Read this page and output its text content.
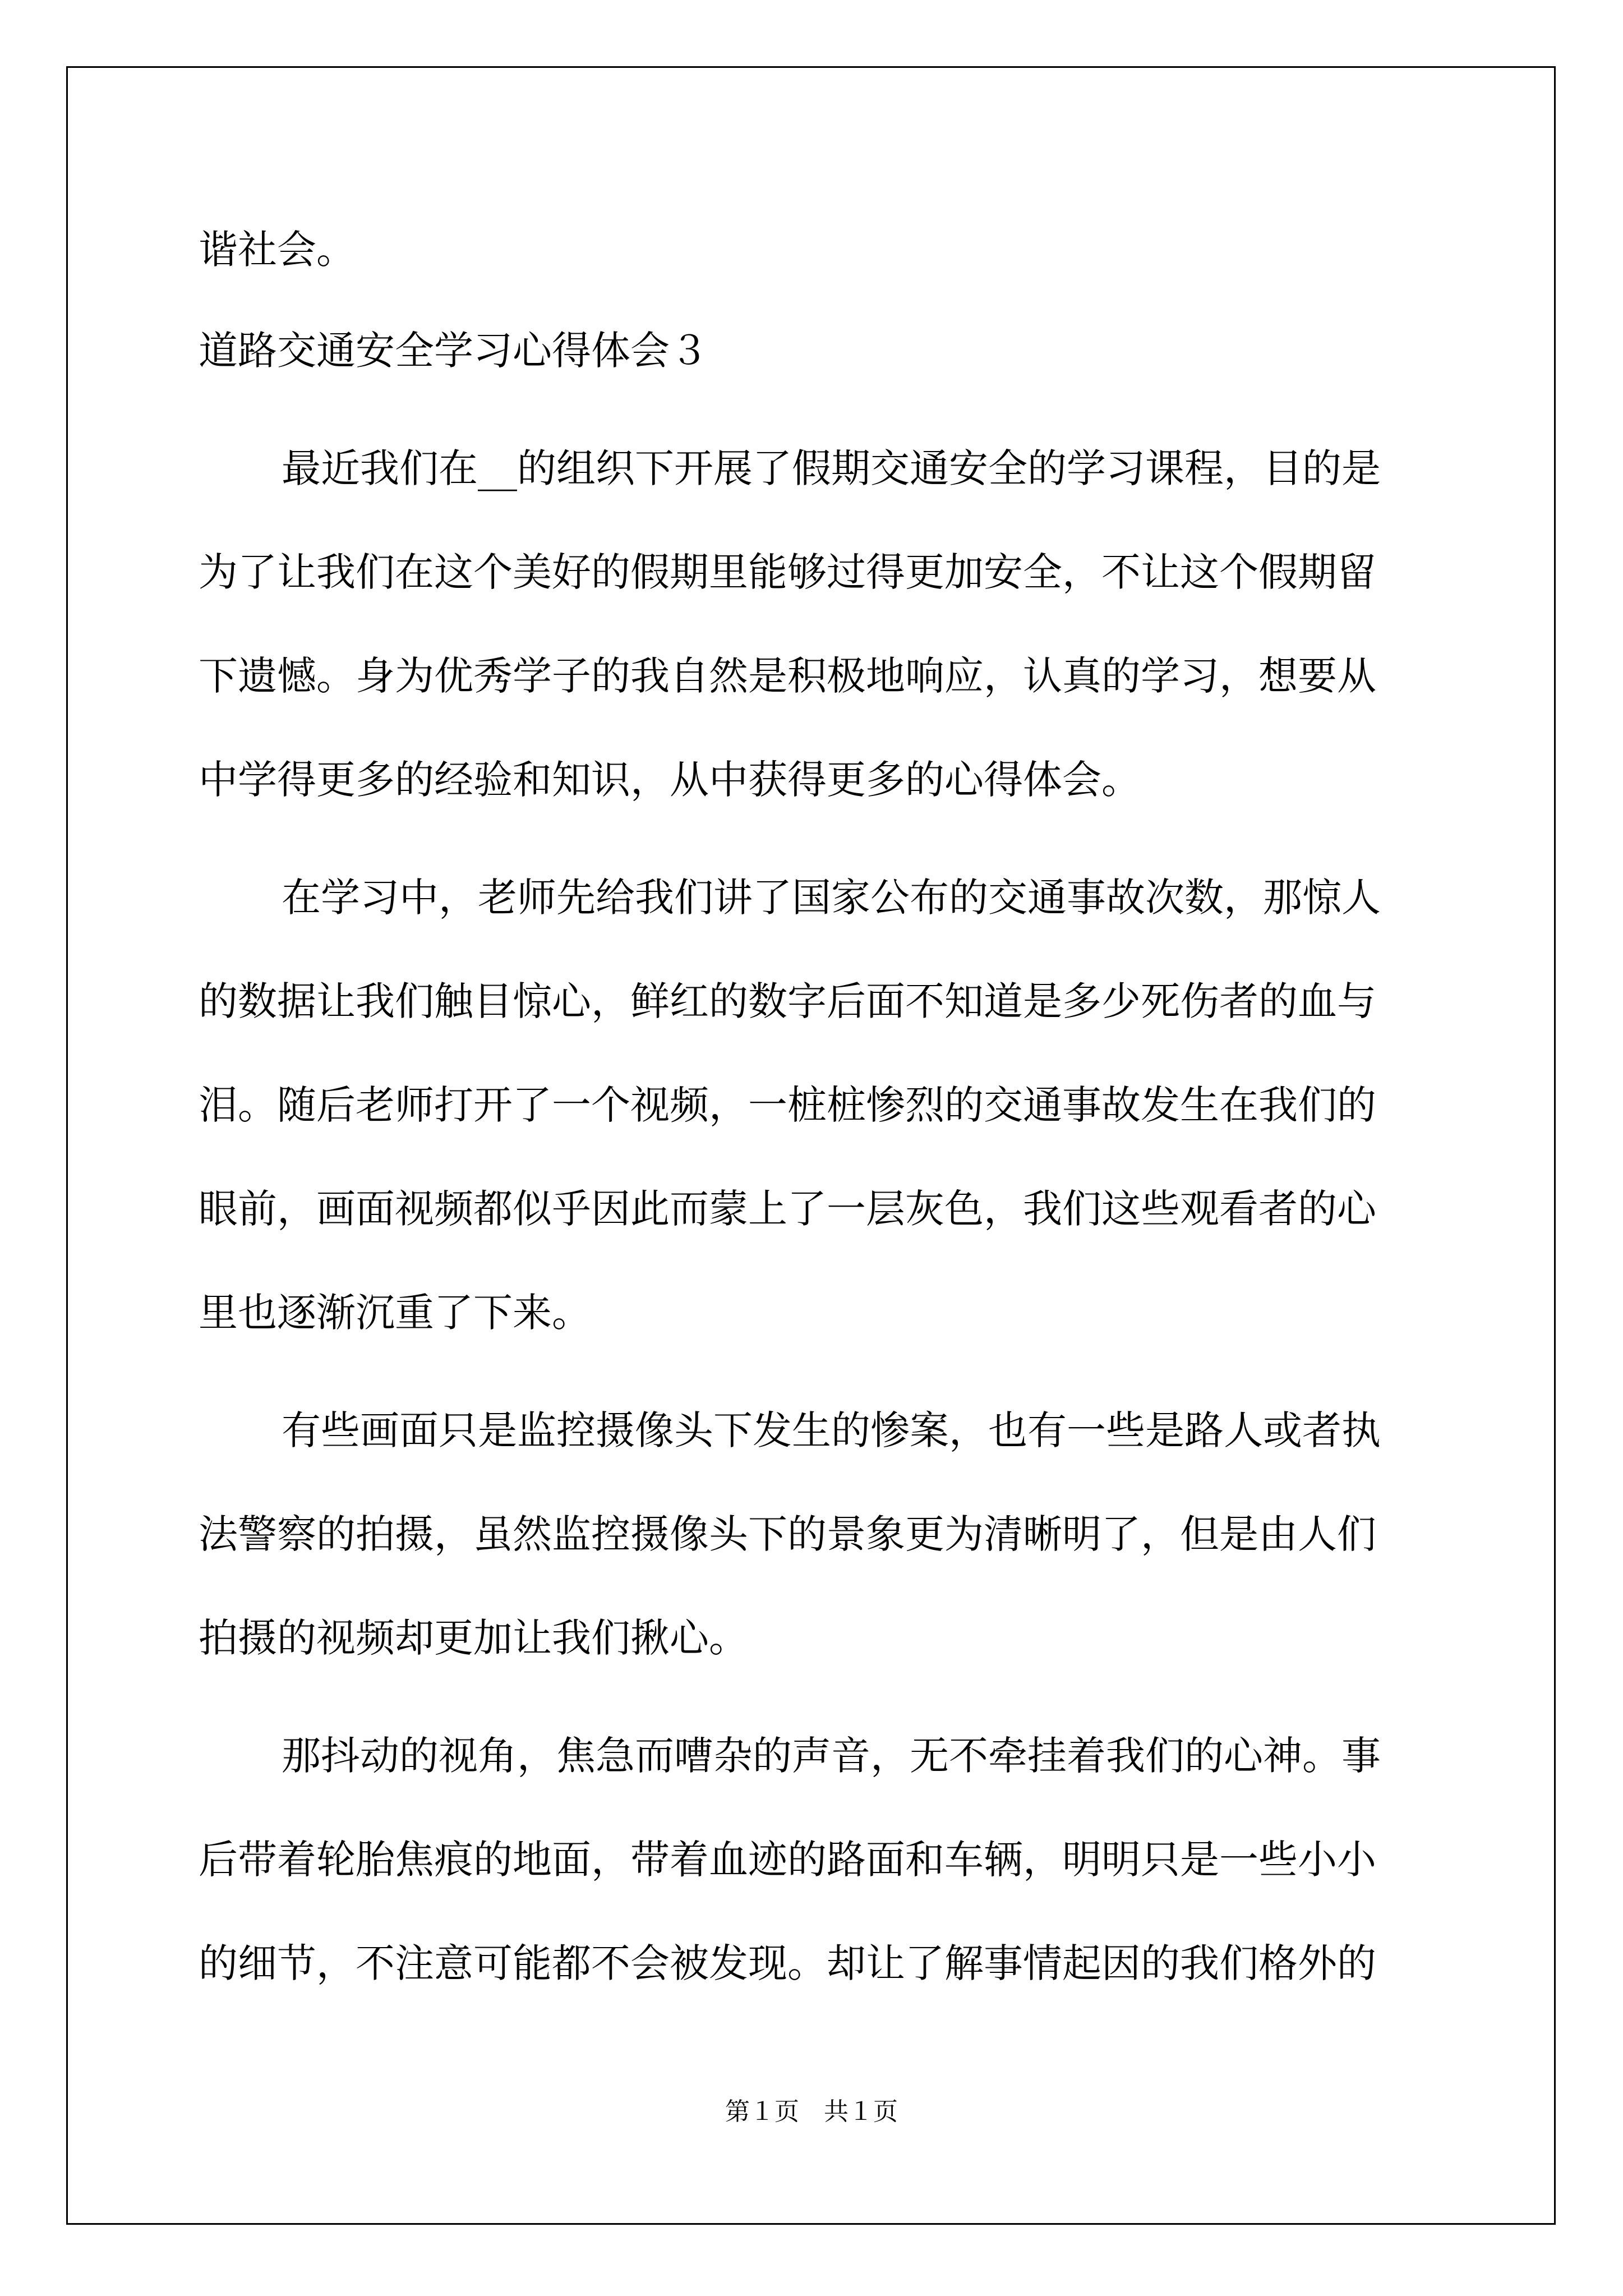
谐社会。
道路交通安全学习心得体会３
最近我们在__的组织下开展了假期交通安全的学习课程，目的是
为了让我们在这个美好的假期里能够过得更加安全，不让这个假期留
下遗憾。身为优秀学子的我自然是积极地响应，认真的学习，想要从
中学得更多的经验和知识，从中获得更多的心得体会。
在学习中，老师先给我们讲了国家公布的交通事故次数，那惊人
的数据让我们触目惊心，鲜红的数字后面不知道是多少死伤者的血与
泪。随后老师打开了一个视频，一桩桩惨烈的交通事故发生在我们的
眼前，画面视频都似乎因此而蒙上了一层灰色，我们这些观看者的心
里也逐渐沉重了下来。
有些画面只是监控摄像头下发生的惨案，也有一些是路人或者执
法警察的拍摄，虽然监控摄像头下的景象更为清晰明了，但是由人们
拍摄的视频却更加让我们揪心。
那抖动的视角，焦急而嘈杂的声音，无不牵挂着我们的心神。事
后带着轮胎焦痕的地面，带着血迹的路面和车辆，明明只是一些小小
的细节，不注意可能都不会被发现。却让了解事情起因的我们格外的
第１页　共１页
